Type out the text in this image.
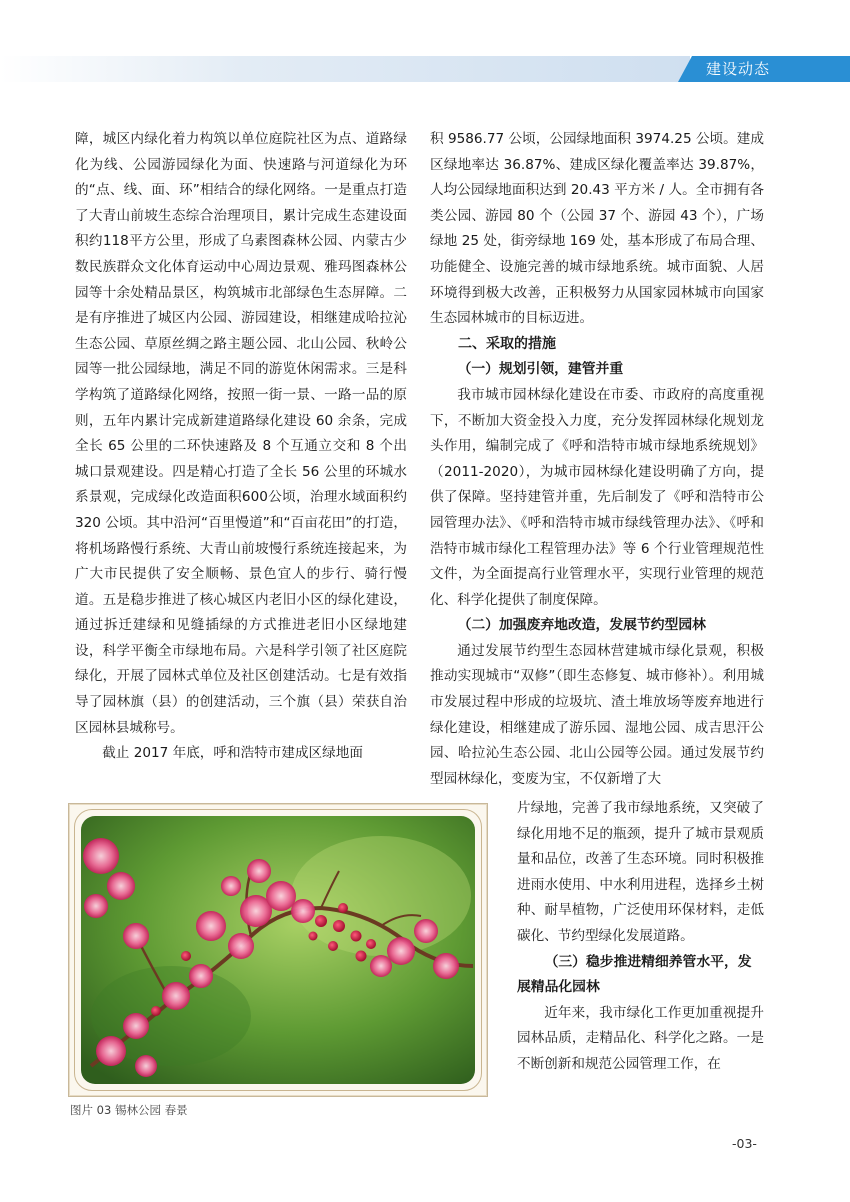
建设动态

障，城区内绿化着力构筑以单位庭院社区为点、道路绿化为线、公园游园绿化为面、快速路与河道绿化为环的“点、线、面、环”相结合的绿化网络。一是重点打造了大青山前坡生态综合治理项目，累计完成生态建设面积约118平方公里，形成了乌素图森林公园、内蒙古少数民族群众文化体育运动中心周边景观、雅玛图森林公园等十余处精品景区，构筑城市北部绿色生态屏障。二是有序推进了城区内公园、游园建设，相继建成哈拉沁生态公园、草原丝绸之路主题公园、北山公园、秋岭公园等一批公园绿地，满足不同的游览休闲需求。三是科学构筑了道路绿化网络，按照一街一景、一路一品的原则，五年内累计完成新建道路绿化建设 60 余条，完成全长 65 公里的二环快速路及 8 个互通立交和 8 个出城口景观建设。四是精心打造了全长 56 公里的环城水系景观，完成绿化改造面积600公顷，治理水域面积约 320 公顷。其中沿河“百里慢道”和“百亩花田”的打造，将机场路慢行系统、大青山前坡慢行系统连接起来，为广大市民提供了安全顺畅、景色宜人的步行、骑行慢道。五是稳步推进了核心城区内老旧小区的绿化建设，通过拆迁建绿和见缝插绿的方式推进老旧小区绿地建设，科学平衡全市绿地布局。六是科学引领了社区庭院绿化，开展了园林式单位及社区创建活动。七是有效指导了园林旗（县）的创建活动，三个旗（县）荣获自治区园林县城称号。

截止 2017 年底，呼和浩特市建成区绿地面

积 9586.77 公顷，公园绿地面积 3974.25 公顷。建成区绿地率达 36.87%、建成区绿化覆盖率达 39.87%，人均公园绿地面积达到 20.43 平方米 / 人。全市拥有各类公园、游园 80 个（公园 37 个、游园 43 个），广场绿地 25 处，街旁绿地 169 处，基本形成了布局合理、功能健全、设施完善的城市绿地系统。城市面貌、人居环境得到极大改善，正积极努力从国家园林城市向国家生态园林城市的目标迈进。

二、采取的措施
（一）规划引领，建管并重

我市城市园林绿化建设在市委、市政府的高度重视下，不断加大资金投入力度，充分发挥园林绿化规划龙头作用，编制完成了《呼和浩特市城市绿地系统规划》（2011-2020），为城市园林绿化建设明确了方向，提供了保障。坚持建管并重，先后制发了《呼和浩特市公园管理办法》、《呼和浩特市城市绿线管理办法》、《呼和浩特市城市绿化工程管理办法》等 6 个行业管理规范性文件，为全面提高行业管理水平，实现行业管理的规范化、科学化提供了制度保障。

（二）加强废弃地改造，发展节约型园林

通过发展节约型生态园林营建城市绿化景观，积极推动实现城市“双修”（即生态修复、城市修补）。利用城市发展过程中形成的垃圾坑、渣土堆放场等废弃地进行绿化建设，相继建成了游乐园、湿地公园、成吉思汗公园、哈拉沁生态公园、北山公园等公园。通过发展节约型园林绿化，变废为宝，不仅新增了大

片绿地，完善了我市绿地系统，又突破了绿化用地不足的瓶颈，提升了城市景观质量和品位，改善了生态环境。同时积极推进雨水使用、中水利用进程，选择乡土树种、耐旱植物，广泛使用环保材料，走低碳化、节约型绿化发展道路。

（三）稳步推进精细养管水平，发展精品化园林

近年来，我市绿化工作更加重视提升园林品质，走精品化、科学化之路。一是不断创新和规范公园管理工作，在

图片 03 锡林公园 春景
-03-
